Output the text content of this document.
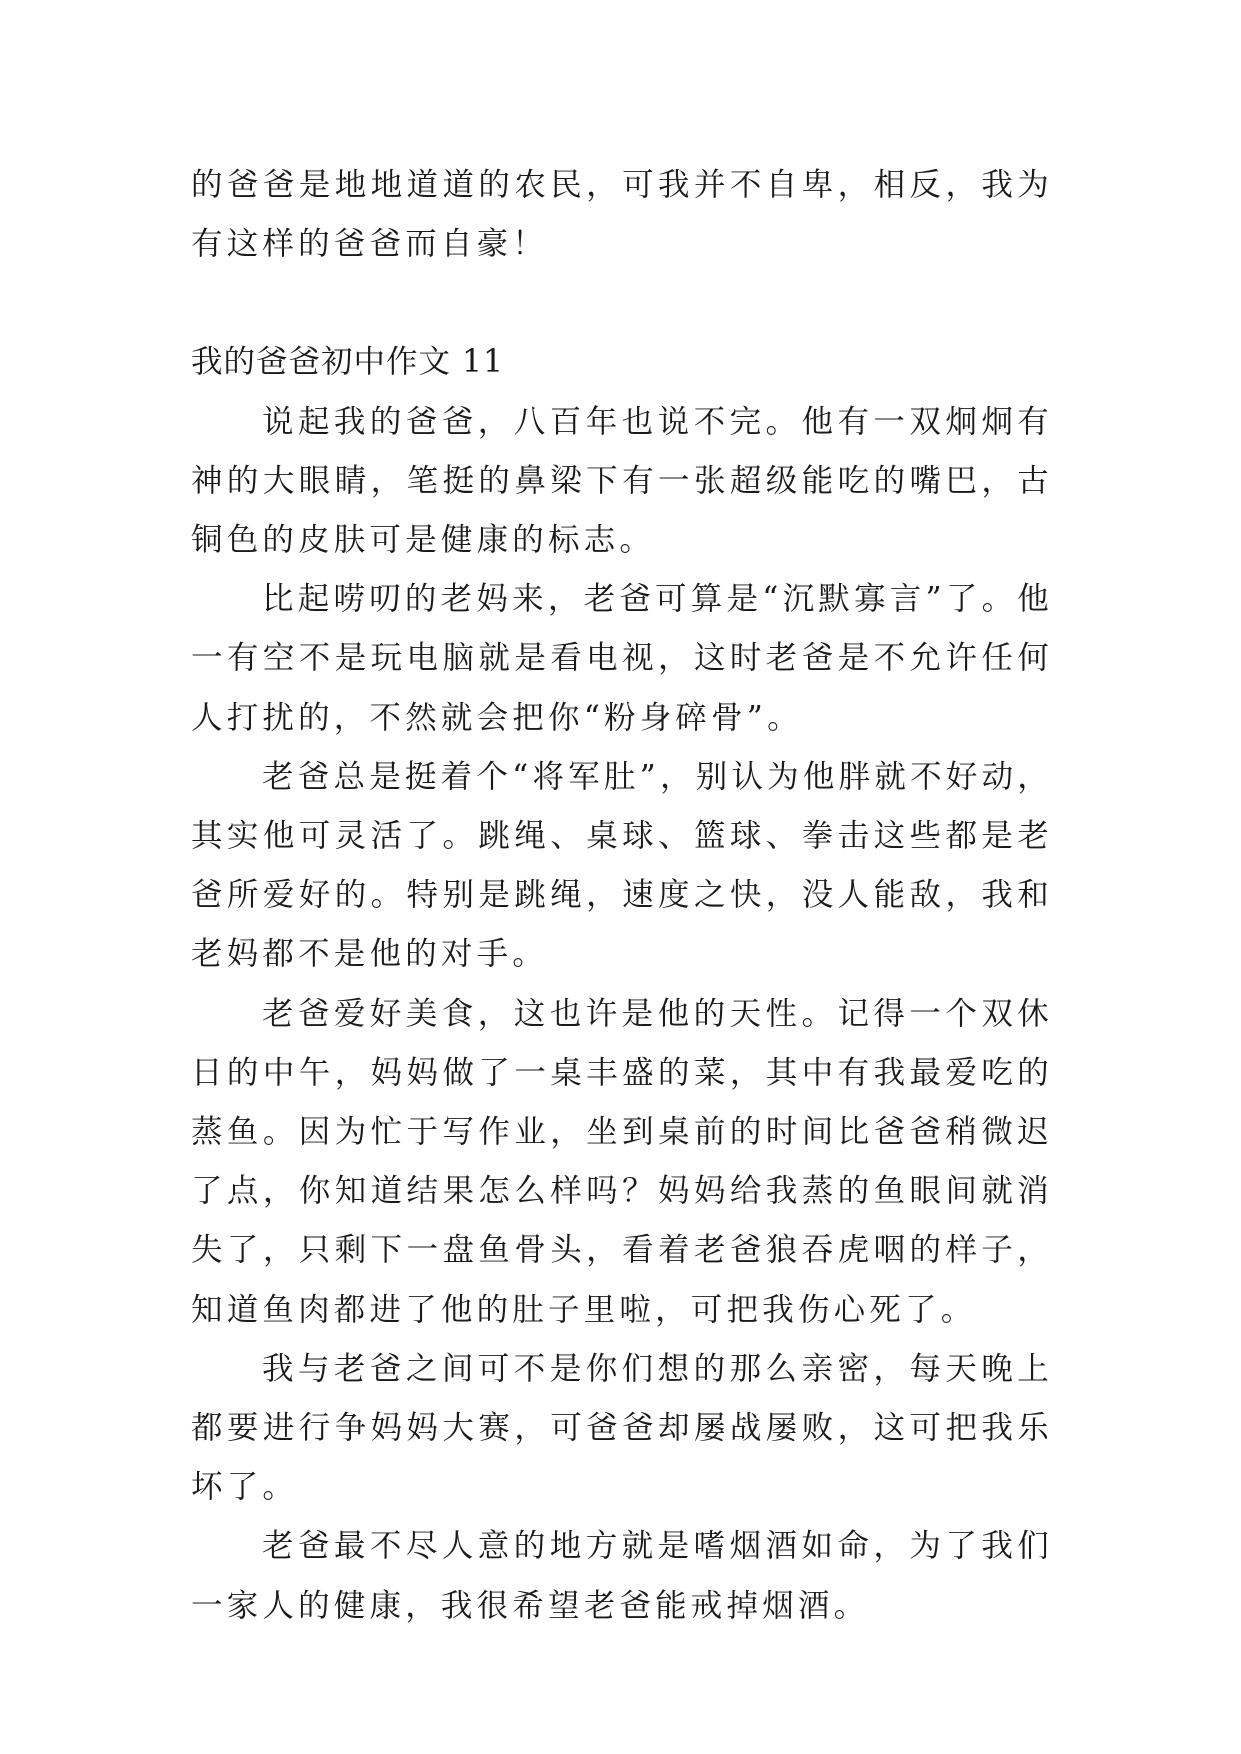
的爸爸是地地道道的农民，可我并不自卑，相反，我为有这样的爸爸而自豪！

我的爸爸初中作文 11

说起我的爸爸，八百年也说不完。他有一双炯炯有神的大眼睛，笔挺的鼻梁下有一张超级能吃的嘴巴，古铜色的皮肤可是健康的标志。

比起唠叨的老妈来，老爸可算是“沉默寡言”了。他一有空不是玩电脑就是看电视，这时老爸是不允许任何人打扰的，不然就会把你“粉身碎骨”。

老爸总是挺着个“将军肚”，别认为他胖就不好动，其实他可灵活了。跳绳、桌球、篮球、拳击这些都是老爸所爱好的。特别是跳绳，速度之快，没人能敌，我和老妈都不是他的对手。

老爸爱好美食，这也许是他的天性。记得一个双休日的中午，妈妈做了一桌丰盛的菜，其中有我最爱吃的蒸鱼。因为忙于写作业，坐到桌前的时间比爸爸稍微迟了点，你知道结果怎么样吗？妈妈给我蒸的鱼眼间就消失了，只剩下一盘鱼骨头，看着老爸狼吞虎咽的样子，知道鱼肉都进了他的肚子里啦，可把我伤心死了。

我与老爸之间可不是你们想的那么亲密，每天晚上都要进行争妈妈大赛，可爸爸却屡战屡败，这可把我乐坏了。

老爸最不尽人意的地方就是嗜烟酒如命，为了我们一家人的健康，我很希望老爸能戒掉烟酒。
